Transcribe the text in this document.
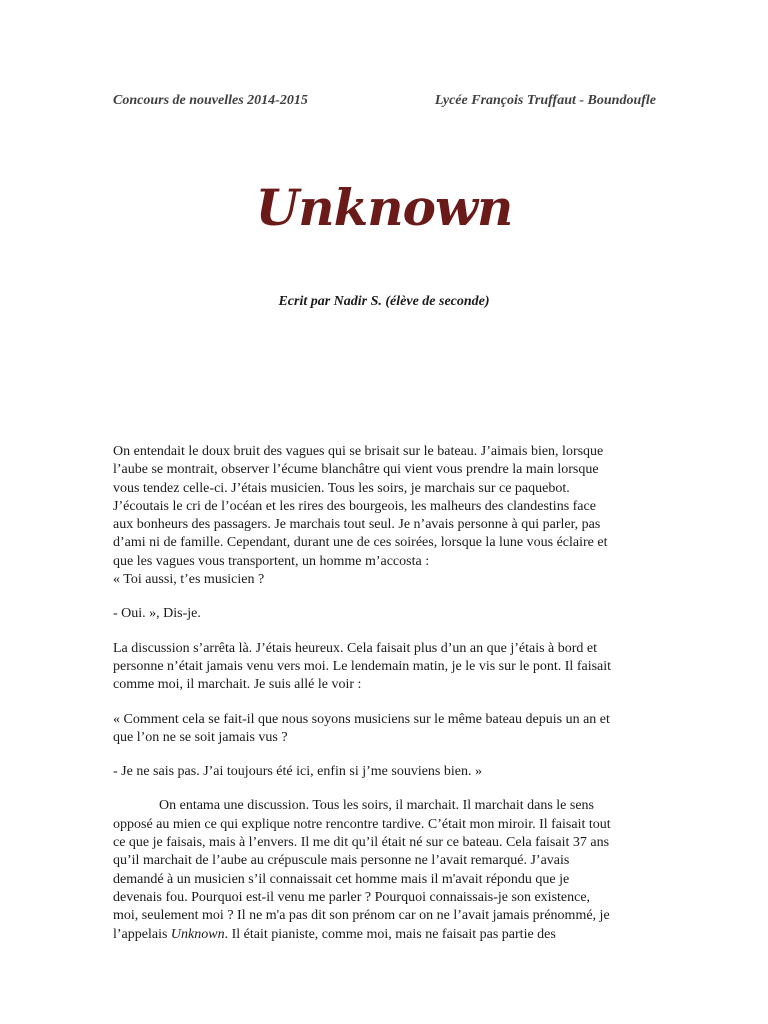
Concours de nouvelles 2014-2015	Lycée François Truffaut - Boundoufle
Unknown
Ecrit par Nadir S. (élève de seconde)

On entendait le doux bruit des vagues qui se brisait sur le bateau. J’aimais bien, lorsque
l’aube se montrait, observer l’écume blanchâtre qui vient vous prendre la main lorsque
vous tendez celle-ci. J’étais musicien. Tous les soirs, je marchais sur ce paquebot.
J’écoutais le cri de l’océan et les rires des bourgeois, les malheurs des clandestins face
aux bonheurs des passagers. Je marchais tout seul. Je n’avais personne à qui parler, pas
d’ami ni de famille. Cependant, durant une de ces soirées, lorsque la lune vous éclaire et
que les vagues vous transportent, un homme m’accosta :
« Toi aussi, t’es musicien ?

- Oui. », Dis-je.

La discussion s’arrêta là. J’étais heureux. Cela faisait plus d’un an que j’étais à bord et
personne n’était jamais venu vers moi. Le lendemain matin, je le vis sur le pont. Il faisait
comme moi, il marchait. Je suis allé le voir :

« Comment cela se fait-il que nous soyons musiciens sur le même bateau depuis un an et
que l’on ne se soit jamais vus ?

- Je ne sais pas. J’ai toujours été ici, enfin si j’me souviens bien. »

On entama une discussion. Tous les soirs, il marchait. Il marchait dans le sens
opposé au mien ce qui explique notre rencontre tardive. C’était mon miroir. Il faisait tout
ce que je faisais, mais à l’envers. Il me dit qu’il était né sur ce bateau. Cela faisait 37 ans
qu’il marchait de l’aube au crépuscule mais personne ne l’avait remarqué. J’avais
demandé à un musicien s’il connaissait cet homme mais il m'avait répondu que je
devenais fou. Pourquoi est-il venu me parler ? Pourquoi connaissais-je son existence,
moi, seulement moi ? Il ne m'a pas dit son prénom car on ne l’avait jamais prénommé, je
l’appelais Unknown. Il était pianiste, comme moi, mais ne faisait pas partie des
